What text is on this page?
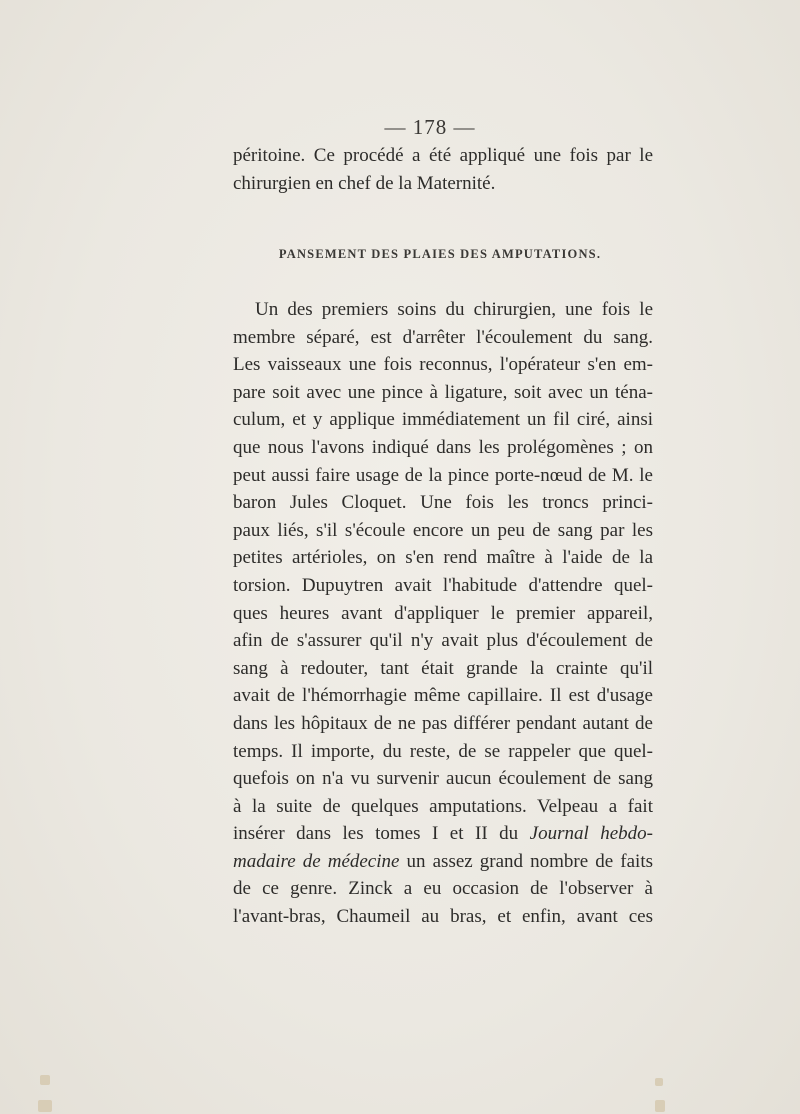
— 178 —
péritoine. Ce procédé a été appliqué une fois par le
chirurgien en chef de la Maternité.
PANSEMENT DES PLAIES DES AMPUTATIONS.
Un des premiers soins du chirurgien, une fois le
membre séparé, est d'arrêter l'écoulement du sang.
Les vaisseaux une fois reconnus, l'opérateur s'en em-
pare soit avec une pince à ligature, soit avec un téna-
culum, et y applique immédiatement un fil ciré, ainsi
que nous l'avons indiqué dans les prolégomènes ; on
peut aussi faire usage de la pince porte-nœud de M. le
baron Jules Cloquet. Une fois les troncs princi-
paux liés, s'il s'écoule encore un peu de sang par les
petites artérioles, on s'en rend maître à l'aide de la
torsion. Dupuytren avait l'habitude d'attendre quel-
ques heures avant d'appliquer le premier appareil,
afin de s'assurer qu'il n'y avait plus d'écoulement de
sang à redouter, tant était grande la crainte qu'il
avait de l'hémorrhagie même capillaire. Il est d'usage
dans les hôpitaux de ne pas différer pendant autant de
temps. Il importe, du reste, de se rappeler que quel-
quefois on n'a vu survenir aucun écoulement de sang
à la suite de quelques amputations. Velpeau a fait
insérer dans les tomes I et II du Journal hebdo-
madaire de médecine un assez grand nombre de faits
de ce genre. Zinck a eu occasion de l'observer à
l'avant-bras, Chaumeil au bras, et enfin, avant ces
